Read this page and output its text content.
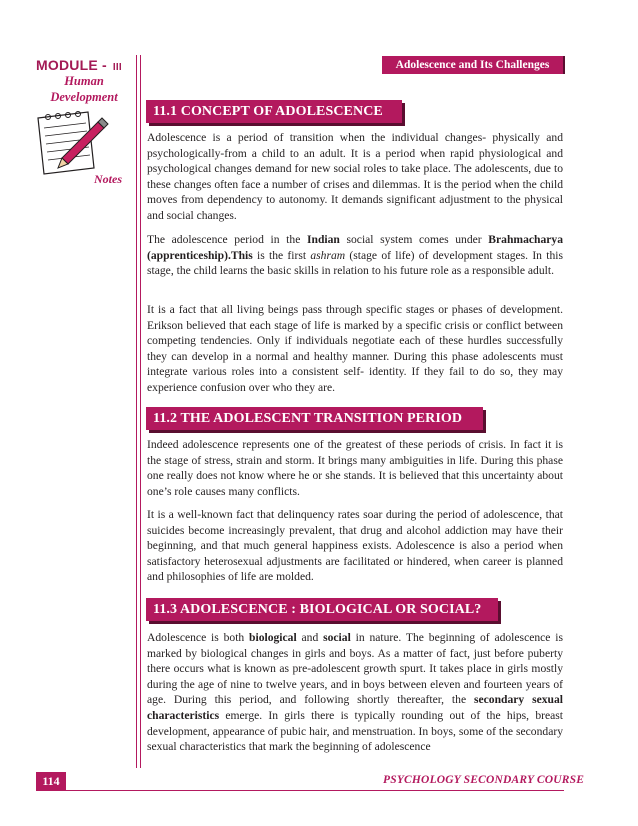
MODULE - III
Human
Development
Notes
Adolescence and Its Challenges
11.1 CONCEPT OF ADOLESCENCE

Adolescence is a period of transition when the individual changes- physically and psychologically-from a child to an adult. It is a period when rapid physiological and psychological changes demand for new social roles to take place. The adolescents, due to these changes often face a number of crises and dilemmas. It is the period when the child moves from dependency to autonomy. It demands significant adjustment to the physical and social changes.

The adolescence period in the Indian social system comes under Brahmacharya (apprenticeship).This is the first ashram (stage of life) of development stages. In this stage, the child learns the basic skills in relation to his future role as a responsible adult.

It is a fact that all living beings pass through specific stages or phases of development. Erikson believed that each stage of life is marked by a specific crisis or conflict between competing tendencies. Only if individuals negotiate each of these hurdles successfully they can develop in a normal and healthy manner. During this phase adolescents must integrate various roles into a consistent self- identity. If they fail to do so, they may experience confusion over who they are.

11.2 THE ADOLESCENT TRANSITION PERIOD

Indeed adolescence represents one of the greatest of these periods of crisis. In fact it is the stage of stress, strain and storm. It brings many ambiguities in life. During this phase one really does not know where he or she stands. It is believed that this uncertainty about one’s role causes many conflicts.

It is a well-known fact that delinquency rates soar during the period of adolescence, that suicides become increasingly prevalent, that drug and alcohol addiction may have their beginning, and that much general happiness exists. Adolescence is also a period when satisfactory heterosexual adjustments are facilitated or hindered, when career is planned and philosophies of life are molded.

11.3 ADOLESCENCE : BIOLOGICAL OR SOCIAL?

Adolescence is both biological and social in nature. The beginning of adolescence is marked by biological changes in girls and boys. As a matter of fact, just before puberty there occurs what is known as pre-adolescent growth spurt. It takes place in girls mostly during the age of nine to twelve years, and in boys between eleven and fourteen years of age. During this period, and following shortly thereafter, the secondary sexual characteristics emerge. In girls there is typically rounding out of the hips, breast development, appearance of pubic hair, and menstruation. In boys, some of the secondary sexual characteristics that mark the beginning of adolescence

114	PSYCHOLOGY SECONDARY COURSE
